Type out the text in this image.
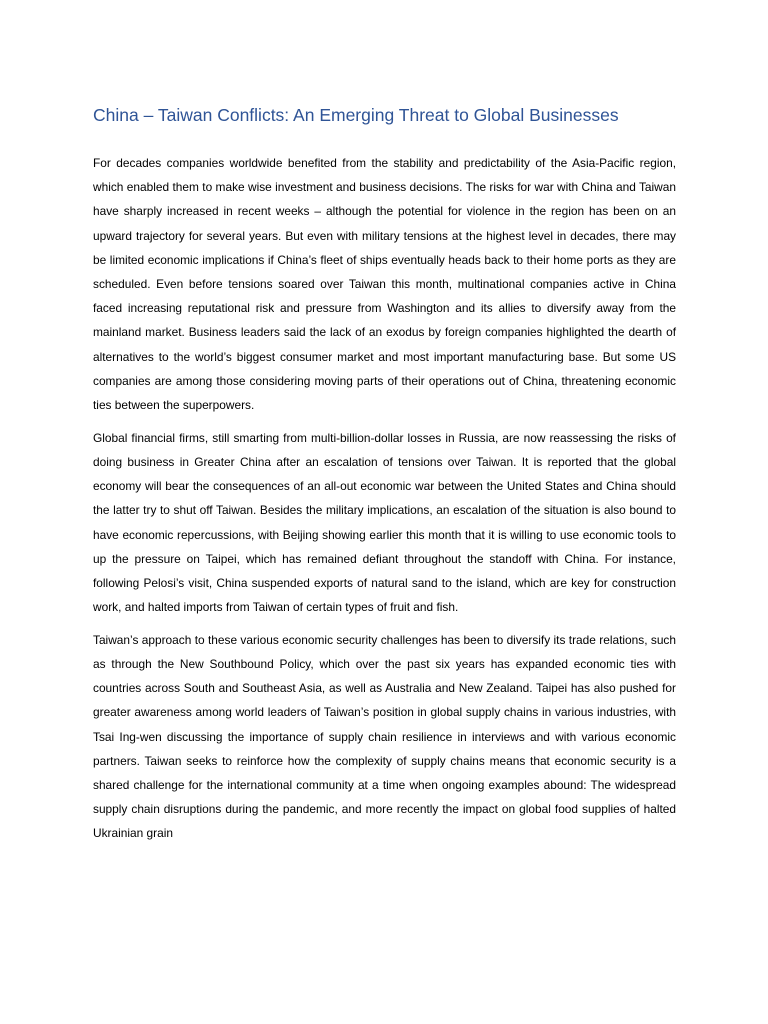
China – Taiwan Conflicts: An Emerging Threat to Global Businesses

For decades companies worldwide benefited from the stability and predictability of the Asia-Pacific region, which enabled them to make wise investment and business decisions. The risks for war with China and Taiwan have sharply increased in recent weeks – although the potential for violence in the region has been on an upward trajectory for several years. But even with military tensions at the highest level in decades, there may be limited economic implications if China’s fleet of ships eventually heads back to their home ports as they are scheduled. Even before tensions soared over Taiwan this month, multinational companies active in China faced increasing reputational risk and pressure from Washington and its allies to diversify away from the mainland market. Business leaders said the lack of an exodus by foreign companies highlighted the dearth of alternatives to the world’s biggest consumer market and most important manufacturing base. But some US companies are among those considering moving parts of their operations out of China, threatening economic ties between the superpowers.

Global financial firms, still smarting from multi-billion-dollar losses in Russia, are now reassessing the risks of doing business in Greater China after an escalation of tensions over Taiwan. It is reported that the global economy will bear the consequences of an all-out economic war between the United States and China should the latter try to shut off Taiwan. Besides the military implications, an escalation of the situation is also bound to have economic repercussions, with Beijing showing earlier this month that it is willing to use economic tools to up the pressure on Taipei, which has remained defiant throughout the standoff with China. For instance, following Pelosi’s visit, China suspended exports of natural sand to the island, which are key for construction work, and halted imports from Taiwan of certain types of fruit and fish.

Taiwan’s approach to these various economic security challenges has been to diversify its trade relations, such as through the New Southbound Policy, which over the past six years has expanded economic ties with countries across South and Southeast Asia, as well as Australia and New Zealand. Taipei has also pushed for greater awareness among world leaders of Taiwan’s position in global supply chains in various industries, with Tsai Ing-wen discussing the importance of supply chain resilience in interviews and with various economic partners. Taiwan seeks to reinforce how the complexity of supply chains means that economic security is a shared challenge for the international community at a time when ongoing examples abound: The widespread supply chain disruptions during the pandemic, and more recently the impact on global food supplies of halted Ukrainian grain
